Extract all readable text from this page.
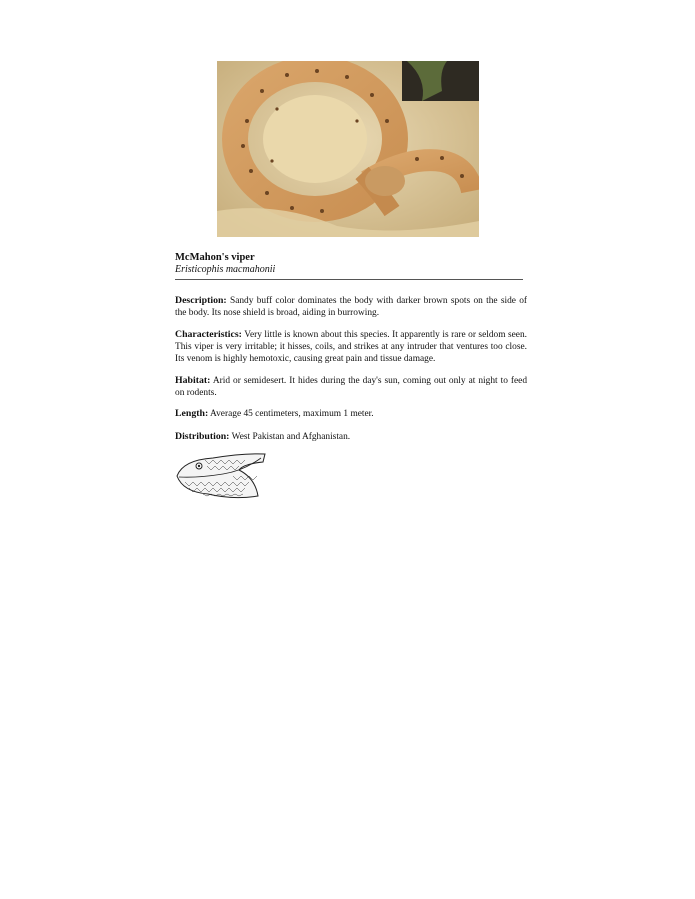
McMahon's viper
Eristicophis macmahonii
Description: Sandy buff color dominates the body with darker brown spots on the side of the body. Its nose shield is broad, aiding in burrowing.
Characteristics: Very little is known about this species. It apparently is rare or seldom seen. This viper is very irritable; it hisses, coils, and strikes at any intruder that ventures too close. Its venom is highly hemotoxic, causing great pain and tissue damage.
Habitat: Arid or semidesert. It hides during the day's sun, coming out only at night to feed on rodents.
Length: Average 45 centimeters, maximum 1 meter.
Distribution: West Pakistan and Afghanistan.
